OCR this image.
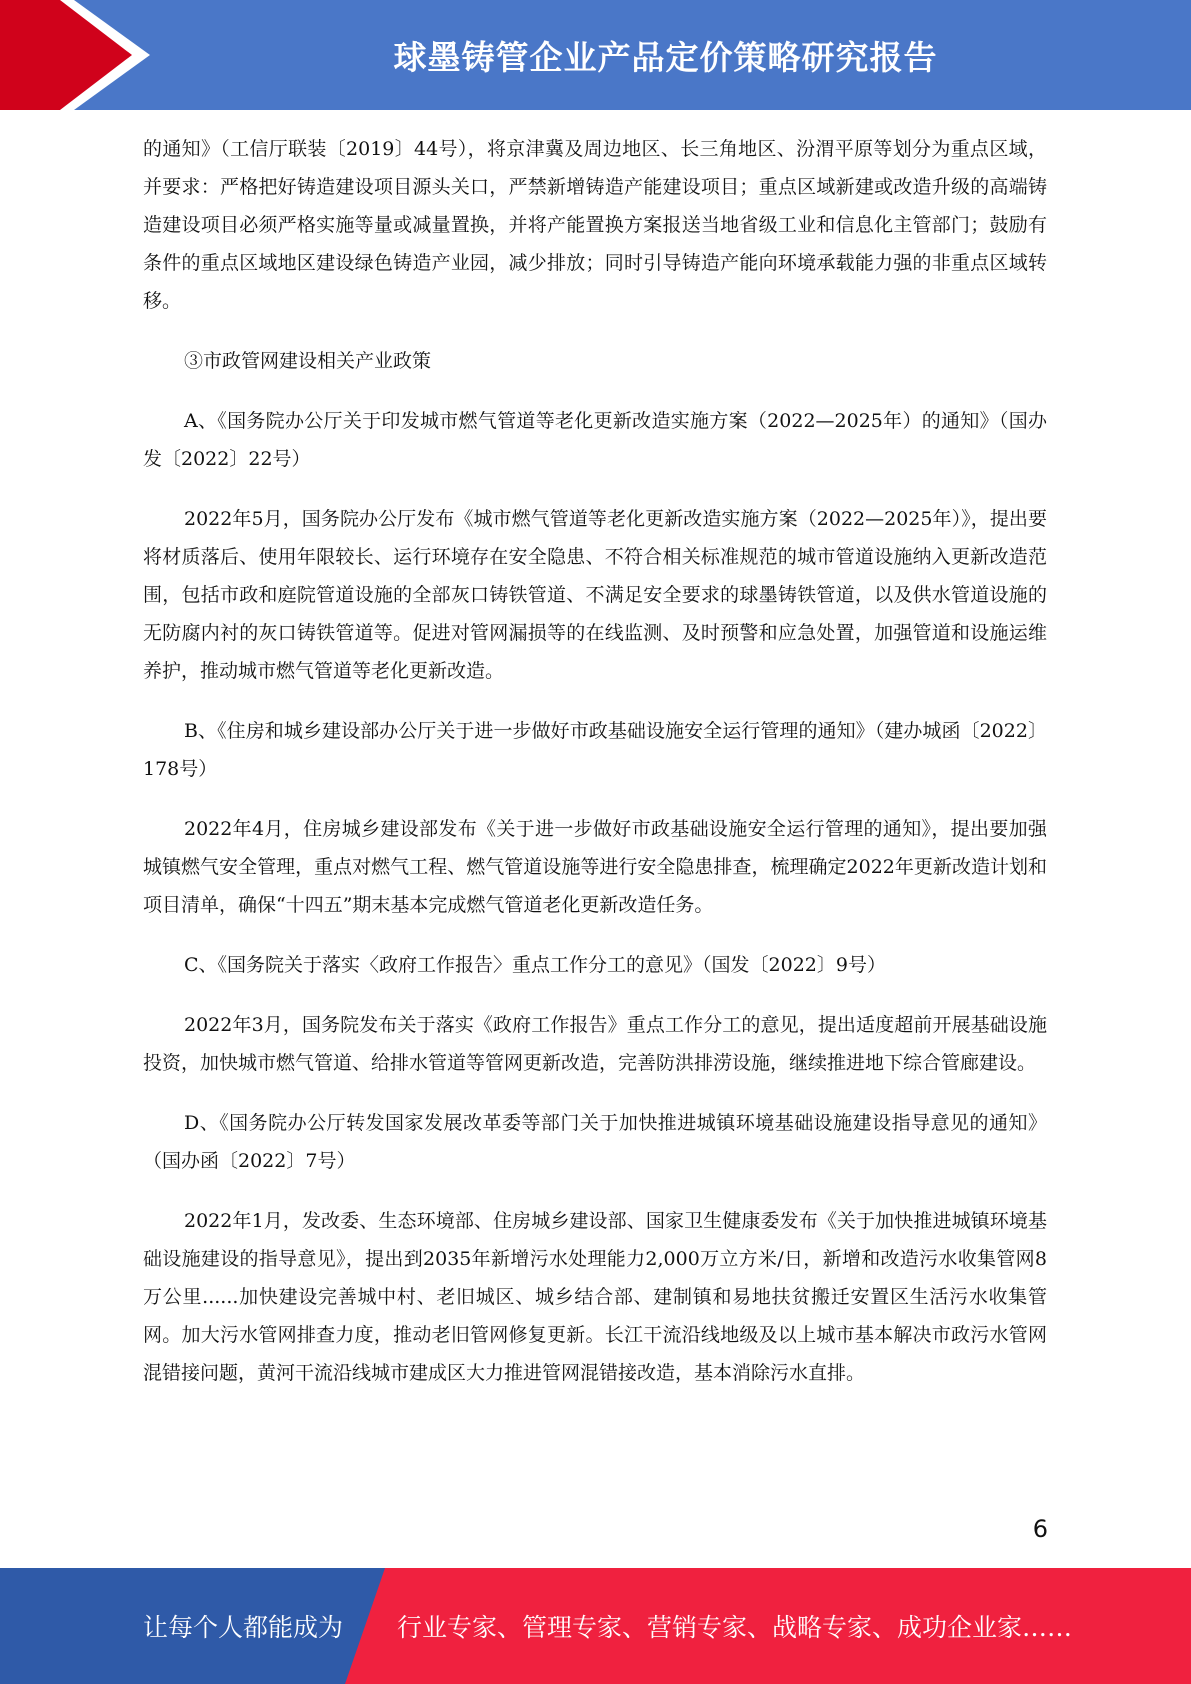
球墨铸管企业产品定价策略研究报告

的通知》（工信厅联装〔2019〕44号），将京津冀及周边地区、长三角地区、汾渭平原等划分为重点区域，并要求：严格把好铸造建设项目源头关口，严禁新增铸造产能建设项目；重点区域新建或改造升级的高端铸造建设项目必须严格实施等量或减量置换，并将产能置换方案报送当地省级工业和信息化主管部门；鼓励有条件的重点区域地区建设绿色铸造产业园，减少排放；同时引导铸造产能向环境承载能力强的非重点区域转移。

③市政管网建设相关产业政策

A、《国务院办公厅关于印发城市燃气管道等老化更新改造实施方案（2022—2025年）的通知》（国办发〔2022〕22号）

2022年5月，国务院办公厅发布《城市燃气管道等老化更新改造实施方案（2022—2025年）》，提出要将材质落后、使用年限较长、运行环境存在安全隐患、不符合相关标准规范的城市管道设施纳入更新改造范围，包括市政和庭院管道设施的全部灰口铸铁管道、不满足安全要求的球墨铸铁管道，以及供水管道设施的无防腐内衬的灰口铸铁管道等。促进对管网漏损等的在线监测、及时预警和应急处置，加强管道和设施运维养护，推动城市燃气管道等老化更新改造。

B、《住房和城乡建设部办公厅关于进一步做好市政基础设施安全运行管理的通知》（建办城函〔2022〕178号）

2022年4月，住房城乡建设部发布《关于进一步做好市政基础设施安全运行管理的通知》，提出要加强城镇燃气安全管理，重点对燃气工程、燃气管道设施等进行安全隐患排查，梳理确定2022年更新改造计划和项目清单，确保“十四五”期末基本完成燃气管道老化更新改造任务。

C、《国务院关于落实〈政府工作报告〉重点工作分工的意见》（国发〔2022〕9号）

2022年3月，国务院发布关于落实《政府工作报告》重点工作分工的意见，提出适度超前开展基础设施投资，加快城市燃气管道、给排水管道等管网更新改造，完善防洪排涝设施，继续推进地下综合管廊建设。

D、《国务院办公厅转发国家发展改革委等部门关于加快推进城镇环境基础设施建设指导意见的通知》（国办函〔2022〕7号）

2022年1月，发改委、生态环境部、住房城乡建设部、国家卫生健康委发布《关于加快推进城镇环境基础设施建设的指导意见》，提出到2035年新增污水处理能力2,000万立方米/日，新增和改造污水收集管网8万公里......加快建设完善城中村、老旧城区、城乡结合部、建制镇和易地扶贫搬迁安置区生活污水收集管网。加大污水管网排查力度，推动老旧管网修复更新。长江干流沿线地级及以上城市基本解决市政污水管网混错接问题，黄河干流沿线城市建成区大力推进管网混错接改造，基本消除污水直排。

6
让每个人都能成为 行业专家、管理专家、营销专家、战略专家、成功企业家……
